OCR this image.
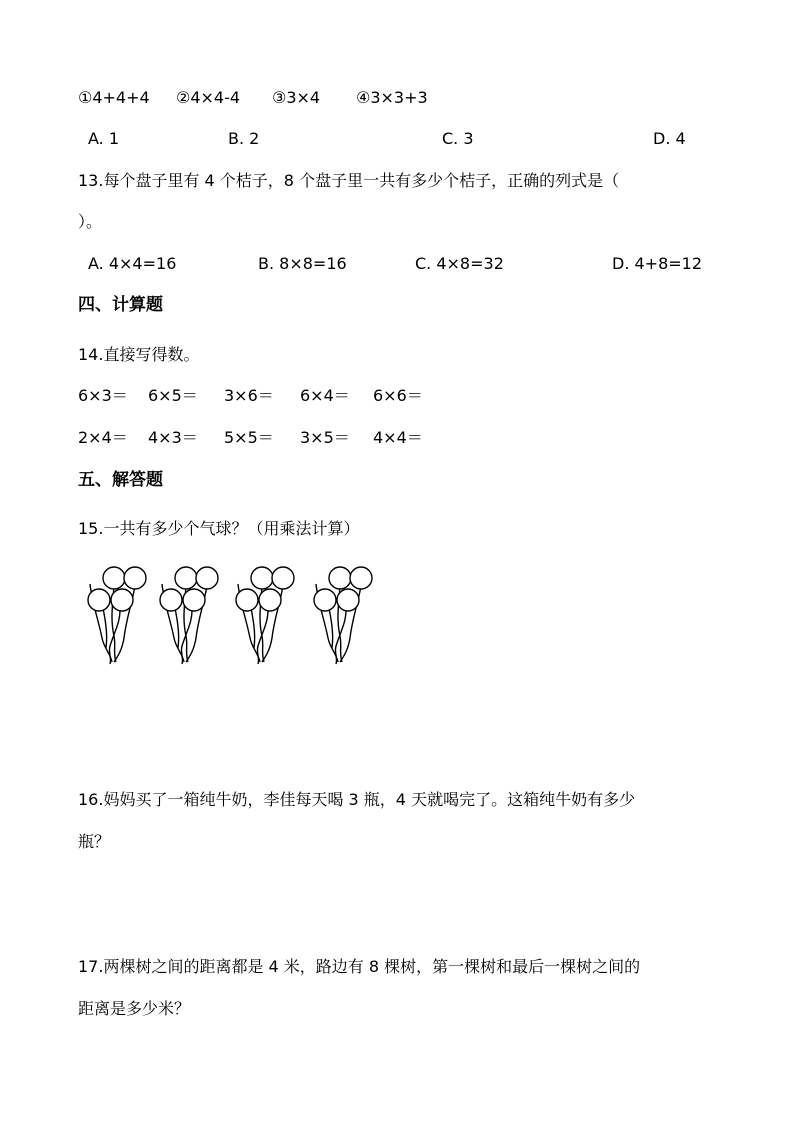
①4+4+4 ②4×4-4 ③3×4 ④3×3+3
A. 1	B. 2	C. 3	D. 4
13.每个盘子里有 4 个桔子，8 个盘子里一共有多少个桔子，正确的列式是（
）。
A. 4×4=16	B. 8×8=16	C. 4×8=32	D. 4+8=12
四、计算题
14.直接写得数。
6×3＝ 6×5＝ 3×6＝ 6×4＝ 6×6＝
2×4＝ 4×3＝ 5×5＝ 3×5＝ 4×4＝
五、解答题
15.一共有多少个气球？（用乘法计算）
16.妈妈买了一箱纯牛奶，李佳每天喝 3 瓶，4 天就喝完了。这箱纯牛奶有多少
瓶？
17.两棵树之间的距离都是 4 米，路边有 8 棵树，第一棵树和最后一棵树之间的
距离是多少米？
